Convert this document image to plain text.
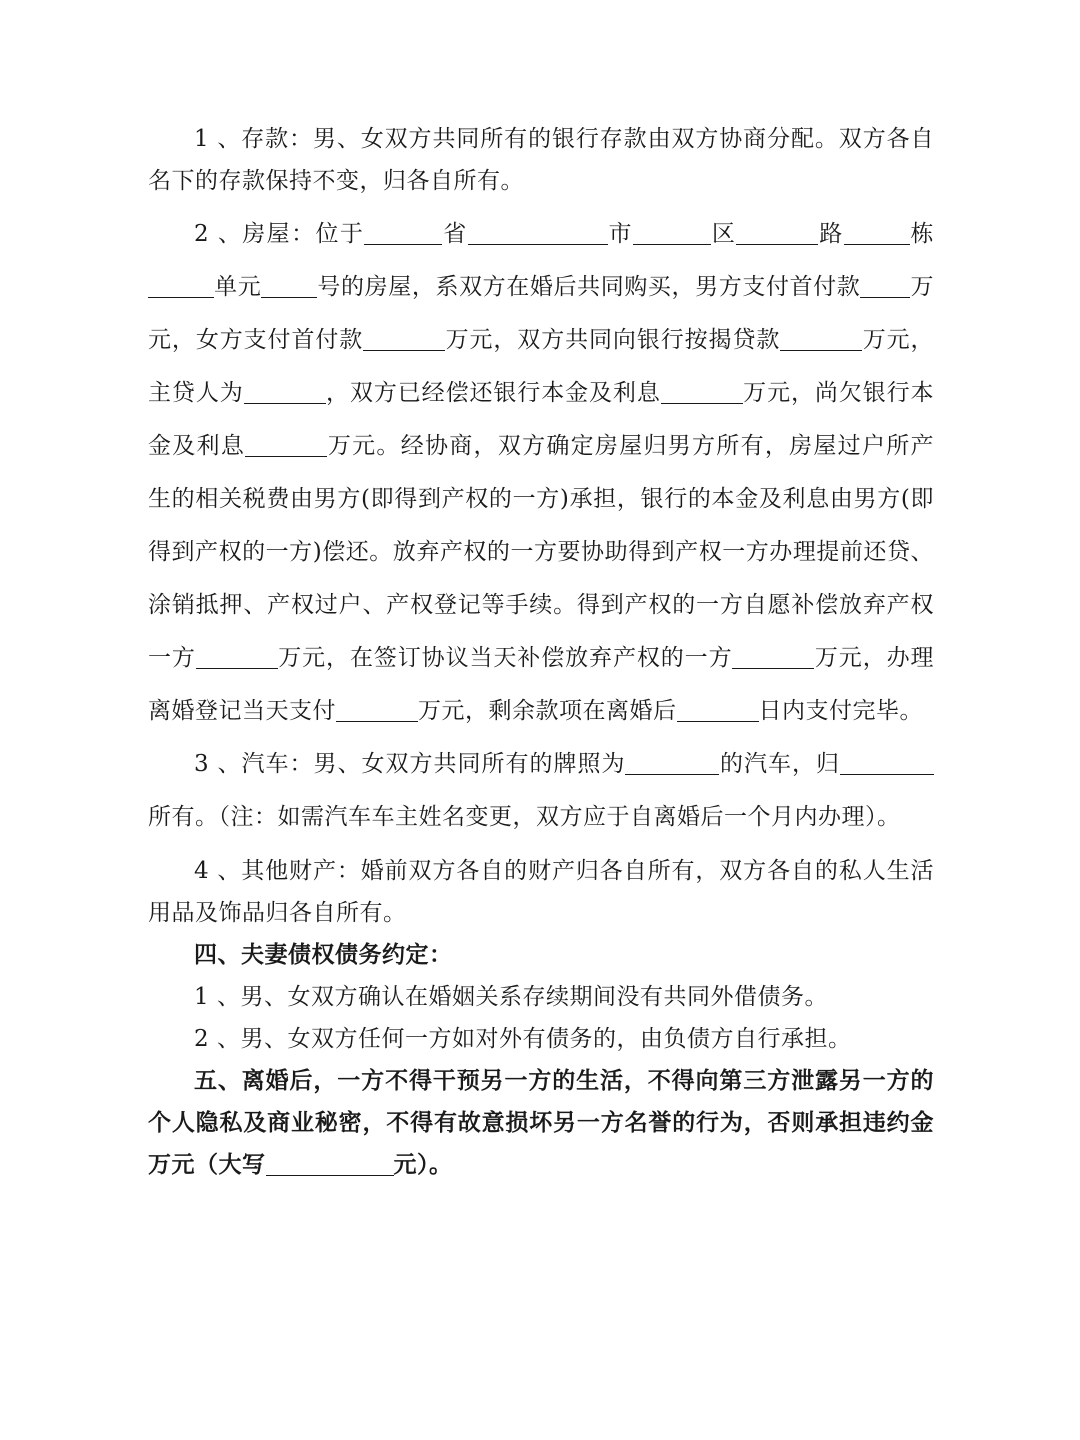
1 、存款：男、女双方共同所有的银行存款由双方协商分配。双方各自名下的存款保持不变，归各自所有。

2 、房屋：位于	省	市	区	路	栋单元 号的房屋，系双方在婚后共同购买，男方支付首付款 万元，女方支付首付款	万元，双方共同向银行按揭贷款	万元，主贷人为	，双方已经偿还银行本金及利息	万元，尚欠银行本金及利息	万元。经协商，双方确定房屋归男方所有，房屋过户所产生的相关税费由男方(即得到产权的一方)承担，银行的本金及利息由男方(即得到产权的一方)偿还。放弃产权的一方要协助得到产权一方办理提前还贷、涂销抵押、产权过户、产权登记等手续。得到产权的一方自愿补偿放弃产权一方	万元，在签订协议当天补偿放弃产权的一方	万元，办理离婚登记当天支付	万元，剩余款项在离婚后	日内支付完毕。

3 、汽车：男、女双方共同所有的牌照为	的汽车，归所有。（注：如需汽车车主姓名变更，双方应于自离婚后一个月内办理）。

4 、其他财产：婚前双方各自的财产归各自所有，双方各自的私人生活用品及饰品归各自所有。

四、夫妻债权债务约定：

1 、男、女双方确认在婚姻关系存续期间没有共同外借债务。

2 、男、女双方任何一方如对外有债务的，由负债方自行承担。

五、离婚后，一方不得干预另一方的生活，不得向第三方泄露另一方的个人隐私及商业秘密，不得有故意损坏另一方名誉的行为，否则承担违约金万元（大写	元）。
